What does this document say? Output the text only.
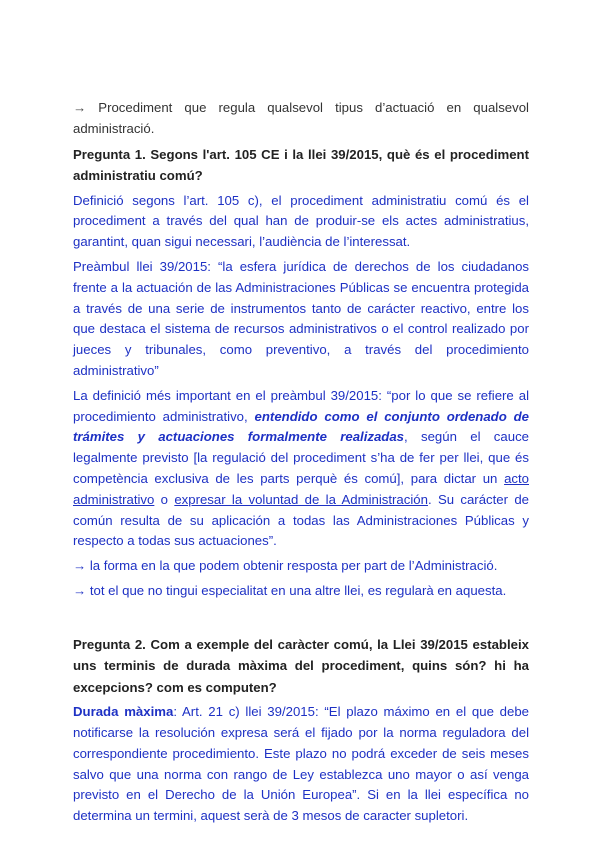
→ Procediment que regula qualsevol tipus d’actuació en qualsevol administració.

Pregunta 1. Segons l'art. 105 CE i la llei 39/2015, què és el procediment administratiu comú?

Definició segons l’art. 105 c), el procediment administratiu comú és el procediment a través del qual han de produir-se els actes administratius, garantint, quan sigui necessari, l’audiència de l’interessat.

Preàmbul llei 39/2015: “la esfera jurídica de derechos de los ciudadanos frente a la actuación de las Administraciones Públicas se encuentra protegida a través de una serie de instrumentos tanto de carácter reactivo, entre los que destaca el sistema de recursos administrativos o el control realizado por jueces y tribunales, como preventivo, a través del procedimiento administrativo”

La definició més important en el preàmbul 39/2015: “por lo que se refiere al procedimiento administrativo, entendido como el conjunto ordenado de trámites y actuaciones formalmente realizadas, según el cauce legalmente previsto [la regulació del procediment s’ha de fer per llei, que és competència exclusiva de les parts perquè és comú], para dictar un acto administrativo o expresar la voluntad de la Administración. Su carácter de común resulta de su aplicación a todas las Administraciones Públicas y respecto a todas sus actuaciones”.

→ la forma en la que podem obtenir resposta per part de l’Administració.

→ tot el que no tingui especialitat en una altre llei, es regularà en aquesta.

Pregunta 2. Com a exemple del caràcter comú, la Llei 39/2015 estableix uns terminis de durada màxima del procediment, quins són? hi ha excepcions? com es computen?

Durada màxima: Art. 21 c) llei 39/2015: “El plazo máximo en el que debe notificarse la resolución expresa será el fijado por la norma reguladora del correspondiente procedimiento. Este plazo no podrá exceder de seis meses salvo que una norma con rango de Ley establezca uno mayor o así venga previsto en el Derecho de la Unión Europea”. Si en la llei específica no determina un termini, aquest serà de 3 mesos de caracter supletori.
